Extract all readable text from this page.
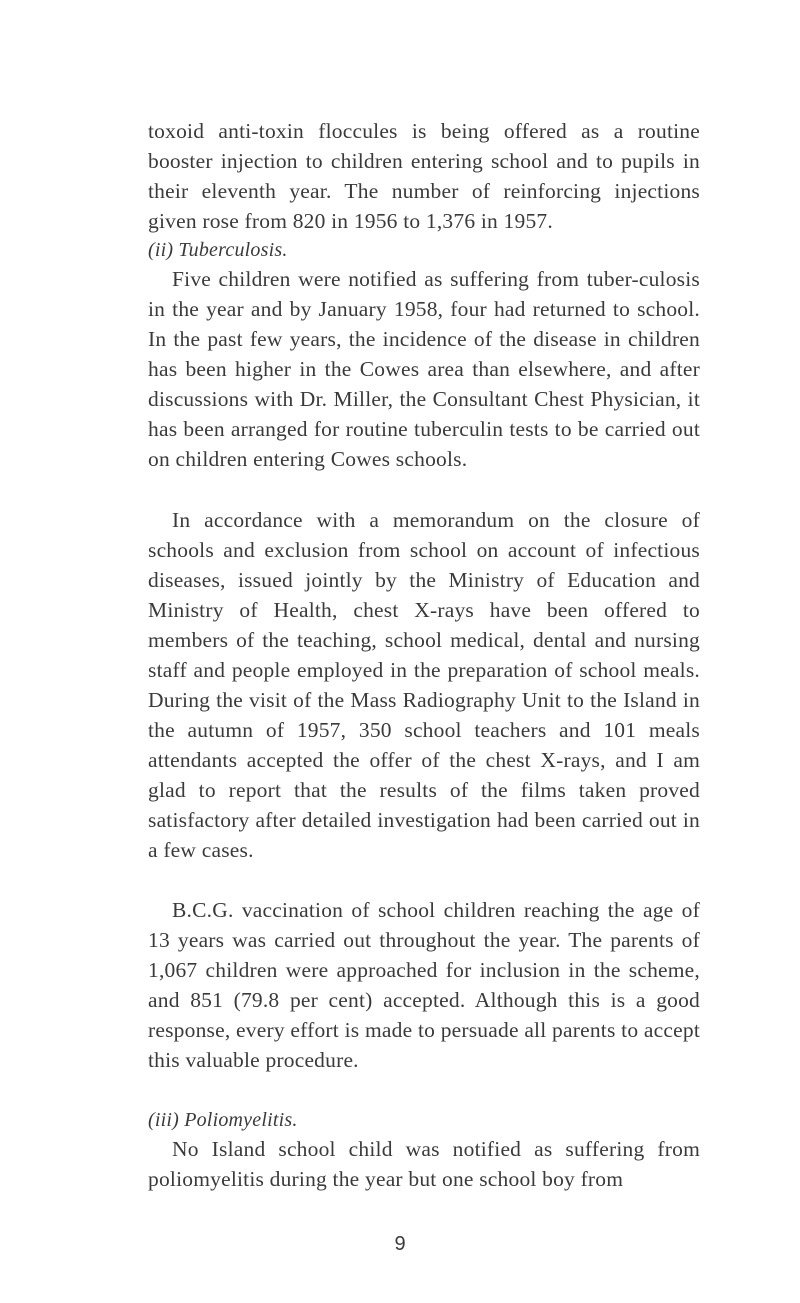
toxoid anti-toxin floccules is being offered as a routine booster injection to children entering school and to pupils in their eleventh year. The number of reinforcing injections given rose from 820 in 1956 to 1,376 in 1957.

(ii) Tuberculosis.

Five children were notified as suffering from tuber-culosis in the year and by January 1958, four had returned to school. In the past few years, the incidence of the disease in children has been higher in the Cowes area than elsewhere, and after discussions with Dr. Miller, the Consultant Chest Physician, it has been arranged for routine tuberculin tests to be carried out on children entering Cowes schools.

In accordance with a memorandum on the closure of schools and exclusion from school on account of infectious diseases, issued jointly by the Ministry of Education and Ministry of Health, chest X-rays have been offered to members of the teaching, school medical, dental and nursing staff and people employed in the preparation of school meals. During the visit of the Mass Radiography Unit to the Island in the autumn of 1957, 350 school teachers and 101 meals attendants accepted the offer of the chest X-rays, and I am glad to report that the results of the films taken proved satisfactory after detailed investigation had been carried out in a few cases.

B.C.G. vaccination of school children reaching the age of 13 years was carried out throughout the year. The parents of 1,067 children were approached for inclusion in the scheme, and 851 (79.8 per cent) accepted. Although this is a good response, every effort is made to persuade all parents to accept this valuable procedure.

(iii) Poliomyelitis.

No Island school child was notified as suffering from poliomyelitis during the year but one school boy from

9
